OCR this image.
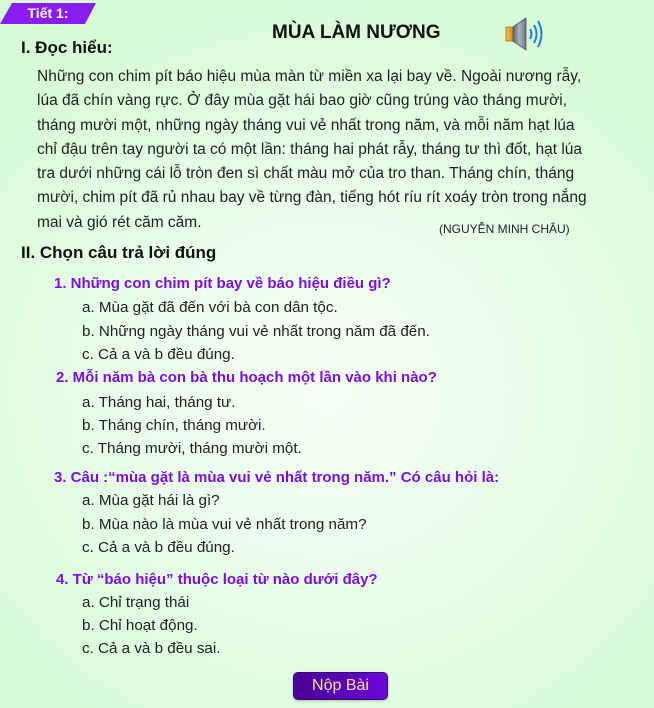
Tiết 1:
MÙA LÀM NƯƠNG
I. Đọc hiểu:
Những con chim pít báo hiệu mùa màn từ miền xa lại bay về. Ngoài nương rẫy,
lúa đã chín vàng rực. Ở đây mùa gặt hái bao giờ cũng trúng vào tháng mười,
tháng mười một, những ngày tháng vui vẻ nhất trong năm, và mỗi năm hạt lúa
chỉ đậu trên tay người ta có một lần: tháng hai phát rẫy, tháng tư thì đốt, hạt lúa
tra dưới những cái lỗ tròn đen sì chất màu mở của tro than. Tháng chín, tháng
mười, chim pít đã rủ nhau bay về từng đàn, tiếng hót ríu rít xoáy tròn trong nắng
mai và gió rét căm căm.	(NGUYỄN MINH CHÂU)
II. Chọn câu trả lời đúng
1. Những con chim pít bay về báo hiệu điều gì?
a. Mùa gặt đã đến với bà con dân tộc.
b. Những ngày tháng vui vẻ nhất trong năm đã đến.
c. Cả a và b đều đúng.
2. Mỗi năm bà con bà thu hoạch một lần vào khi nào?
a. Tháng hai, tháng tư.
b. Tháng chín, tháng mười.
c. Tháng mười, tháng mười một.
3. Câu :“mùa gặt là mùa vui vẻ nhất trong năm.” Có câu hỏi là:
a. Mùa gặt hái là gì?
b. Mùa nào là mùa vui vẻ nhất trong năm?
c. Cả a và b đều đúng.
4. Từ “báo hiệu” thuộc loại từ nào dưới đây?
a. Chỉ trạng thái
b. Chỉ hoạt động.
c. Cả a và b đều sai.
Nộp Bài
